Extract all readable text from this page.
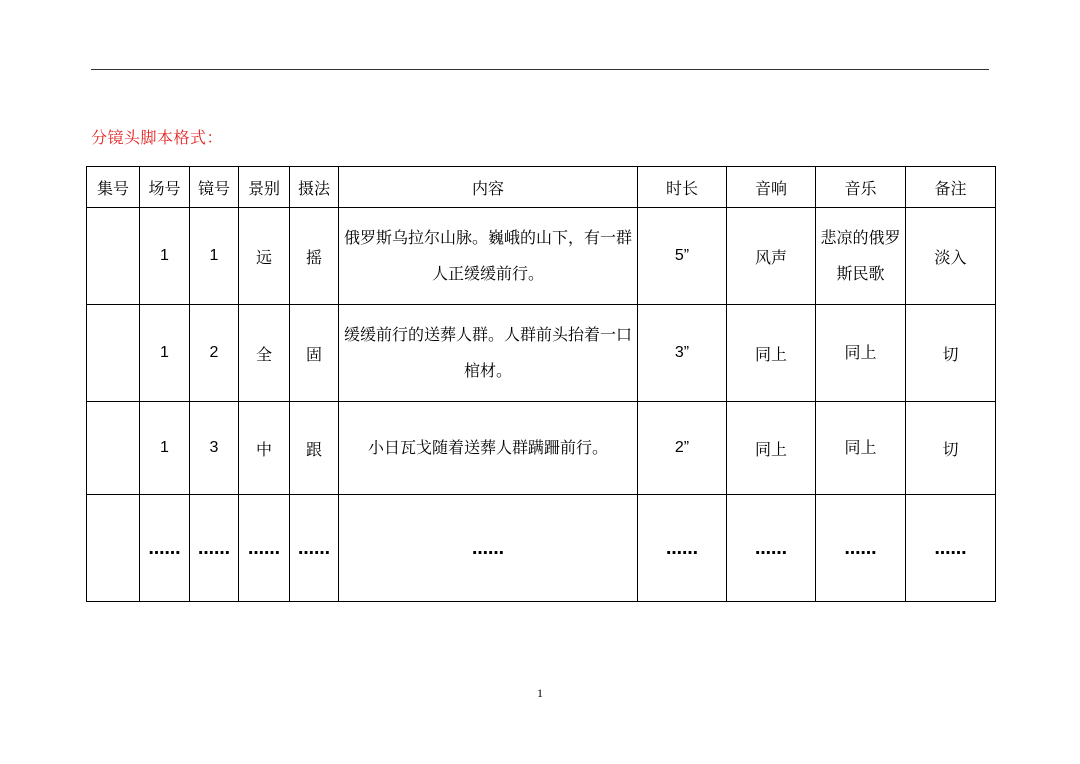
分镜头脚本格式：
集号	场号	镜号	景别	摄法	内容	时长	音响	音乐	备注
	1	1	远	摇	俄罗斯乌拉尔山脉。巍峨的山下，有一群人正缓缓前行。	5”	风声	悲凉的俄罗斯民歌	淡入
	1	2	全	固	缓缓前行的送葬人群。人群前头抬着一口棺材。	3”	同上	同上	切
	1	3	中	跟	小日瓦戈随着送葬人群蹒跚前行。	2”	同上	同上	切
	……	……	……	……	……	……	……	……	……
1
